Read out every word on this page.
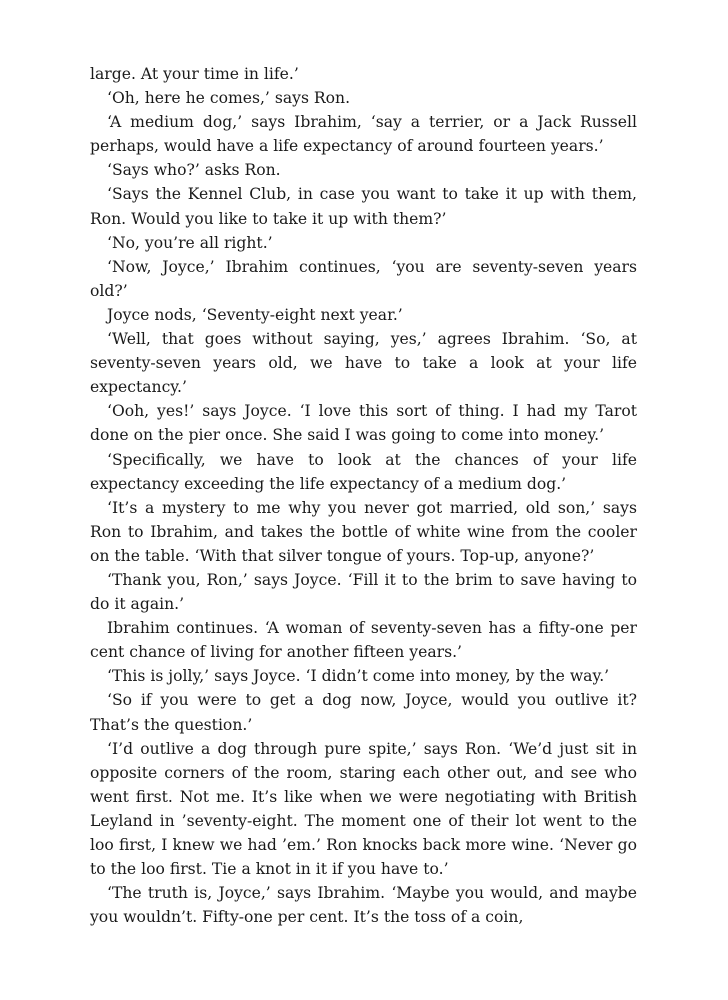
large. At your time in life.’

‘Oh, here he comes,’ says Ron.

‘A medium dog,’ says Ibrahim, ‘say a terrier, or a Jack Russell perhaps, would have a life expectancy of around fourteen years.’

‘Says who?’ asks Ron.

‘Says the Kennel Club, in case you want to take it up with them, Ron. Would you like to take it up with them?’

‘No, you’re all right.’

‘Now, Joyce,’ Ibrahim continues, ‘you are seventy-seven years old?’

Joyce nods, ‘Seventy-eight next year.’

‘Well, that goes without saying, yes,’ agrees Ibrahim. ‘So, at seventy-seven years old, we have to take a look at your life expectancy.’

‘Ooh, yes!’ says Joyce. ‘I love this sort of thing. I had my Tarot done on the pier once. She said I was going to come into money.’

‘Specifically, we have to look at the chances of your life expectancy exceeding the life expectancy of a medium dog.’

‘It’s a mystery to me why you never got married, old son,’ says Ron to Ibrahim, and takes the bottle of white wine from the cooler on the table. ‘With that silver tongue of yours. Top-up, anyone?’

‘Thank you, Ron,’ says Joyce. ‘Fill it to the brim to save having to do it again.’

Ibrahim continues. ‘A woman of seventy-seven has a fifty-one per cent chance of living for another fifteen years.’

‘This is jolly,’ says Joyce. ‘I didn’t come into money, by the way.’

‘So if you were to get a dog now, Joyce, would you outlive it? That’s the question.’

‘I’d outlive a dog through pure spite,’ says Ron. ‘We’d just sit in opposite corners of the room, staring each other out, and see who went first. Not me. It’s like when we were negotiating with British Leyland in ’seventy-eight. The moment one of their lot went to the loo first, I knew we had ’em.’ Ron knocks back more wine. ‘Never go to the loo first. Tie a knot in it if you have to.’

‘The truth is, Joyce,’ says Ibrahim. ‘Maybe you would, and maybe you wouldn’t. Fifty-one per cent. It’s the toss of a coin,
